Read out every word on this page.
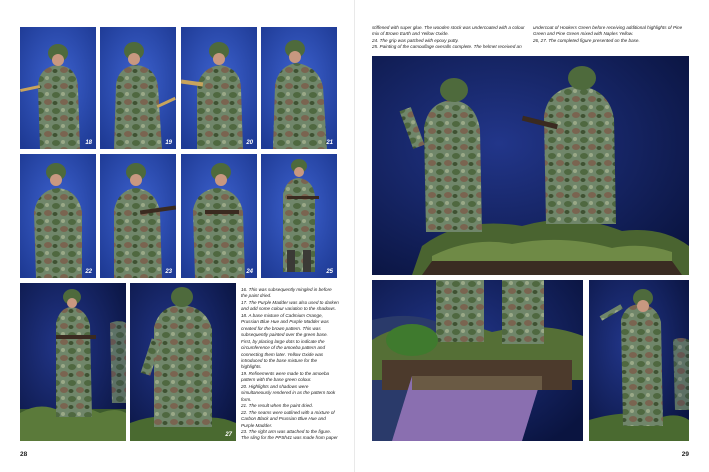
18	19	20	21
22	23	24	25
27

16. This was subsequently mingled in before the paint dried.

17. The Purple Madder was also used to darken and add some colour variation to the shadows.

18. A base mixture of Cadmium Orange, Prussian Blue Hue and Purple Madder was created for the brown pattern. This was subsequently painted over the green base. First, by placing large dots to indicate the circumference of the amoeba pattern and connecting them later. Yellow Oxide was introduced to the base mixture for the highlights.

19. Refinements were made to the amoeba pattern with the base green colour.

20. Highlights and shadows were simultaneously rendered in as the pattern took form.

21. The result when the paint dried.

22. The seams were outlined with a mixture of Carbon Black and Prussian Blue Hue and Purple Madder.

23. The right arm was attached to the figure. The sling for the PPSh41 was made from paper

28

stiffened with super glue. The wooden stock was undercoated with a colour mix of Brown Earth and Yellow Oxide.

24. The grip was patched with epoxy putty.

25. Painting of the camouflage overalls complete. The helmet received an

undercoat of Hookers Green before receiving additional highlights of Pine Green and Pine Green mixed with Naples Yellow.

26, 27. The completed figure presented on the base.

29
